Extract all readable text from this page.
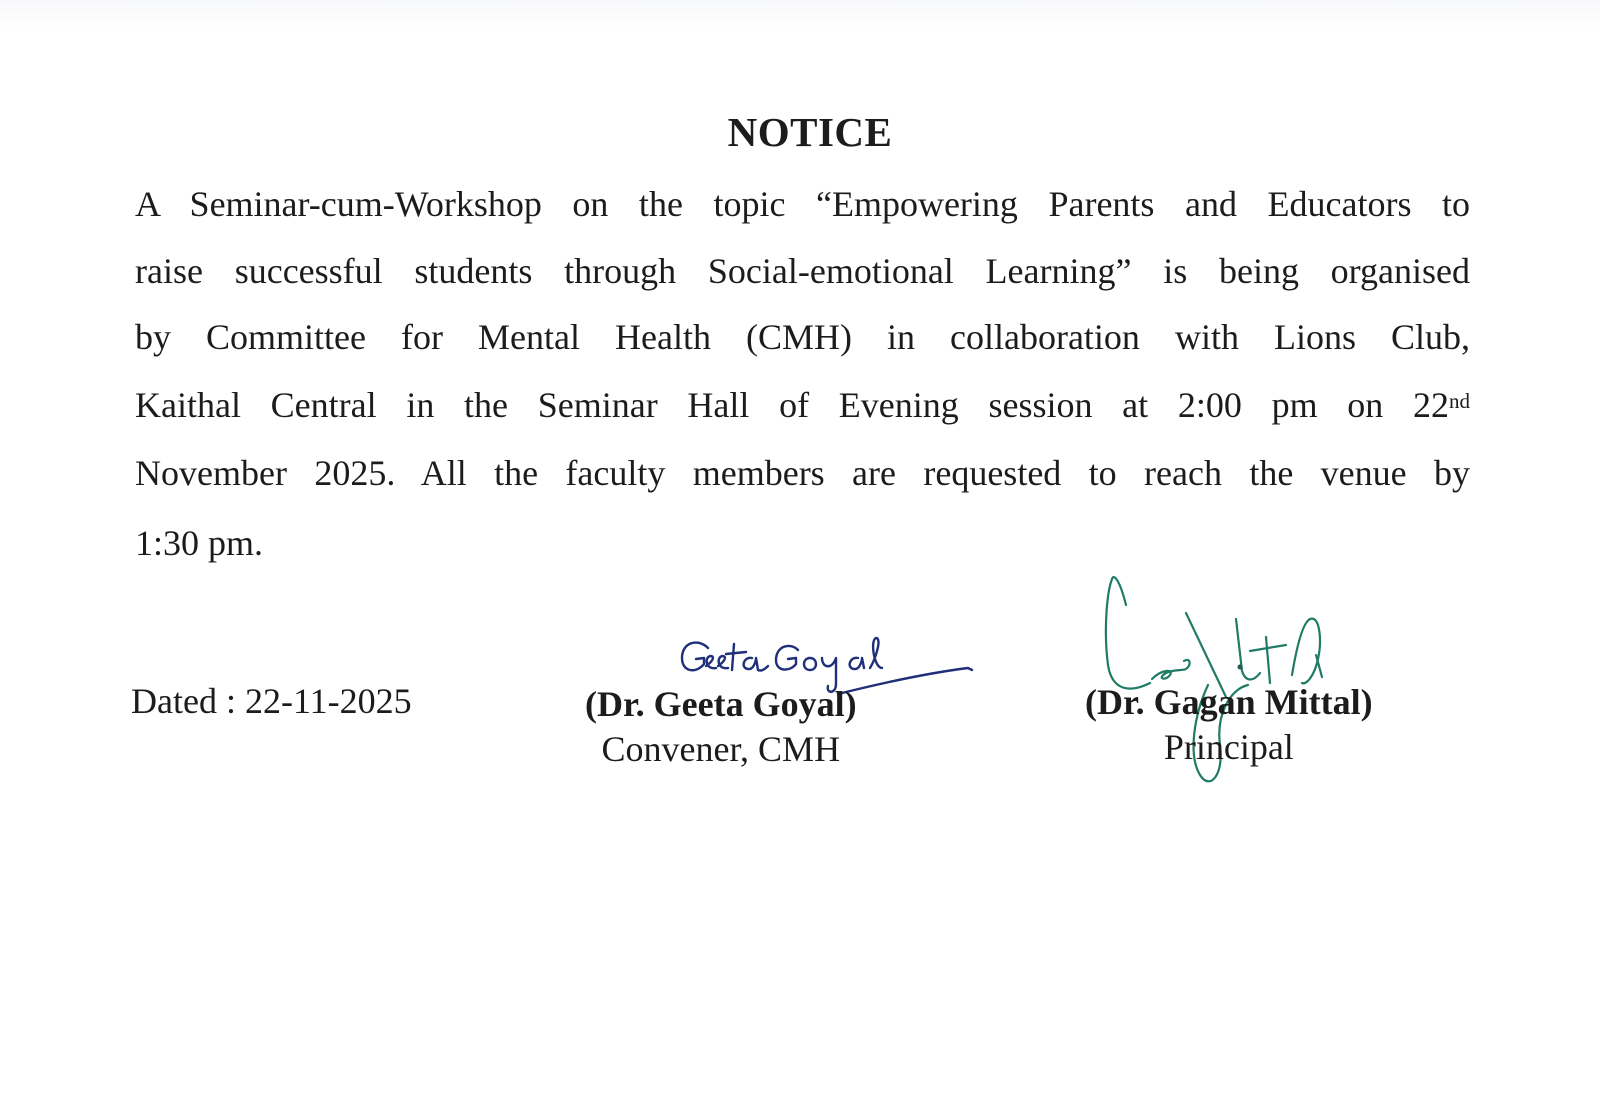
NOTICE
A Seminar-cum-Workshop on the topic “Empowering Parents and Educators to
raise successful students through Social-emotional Learning” is being organised
by Committee for Mental Health (CMH) in collaboration with Lions Club,
Kaithal Central in the Seminar Hall of Evening session at 2:00 pm on 22nd
November 2025. All the faculty members are requested to reach the venue by
1:30 pm.
Dated : 22-11-2025	(Dr. Geeta Goyal)
Convener, CMH
(Dr. Gagan Mittal)
Principal
